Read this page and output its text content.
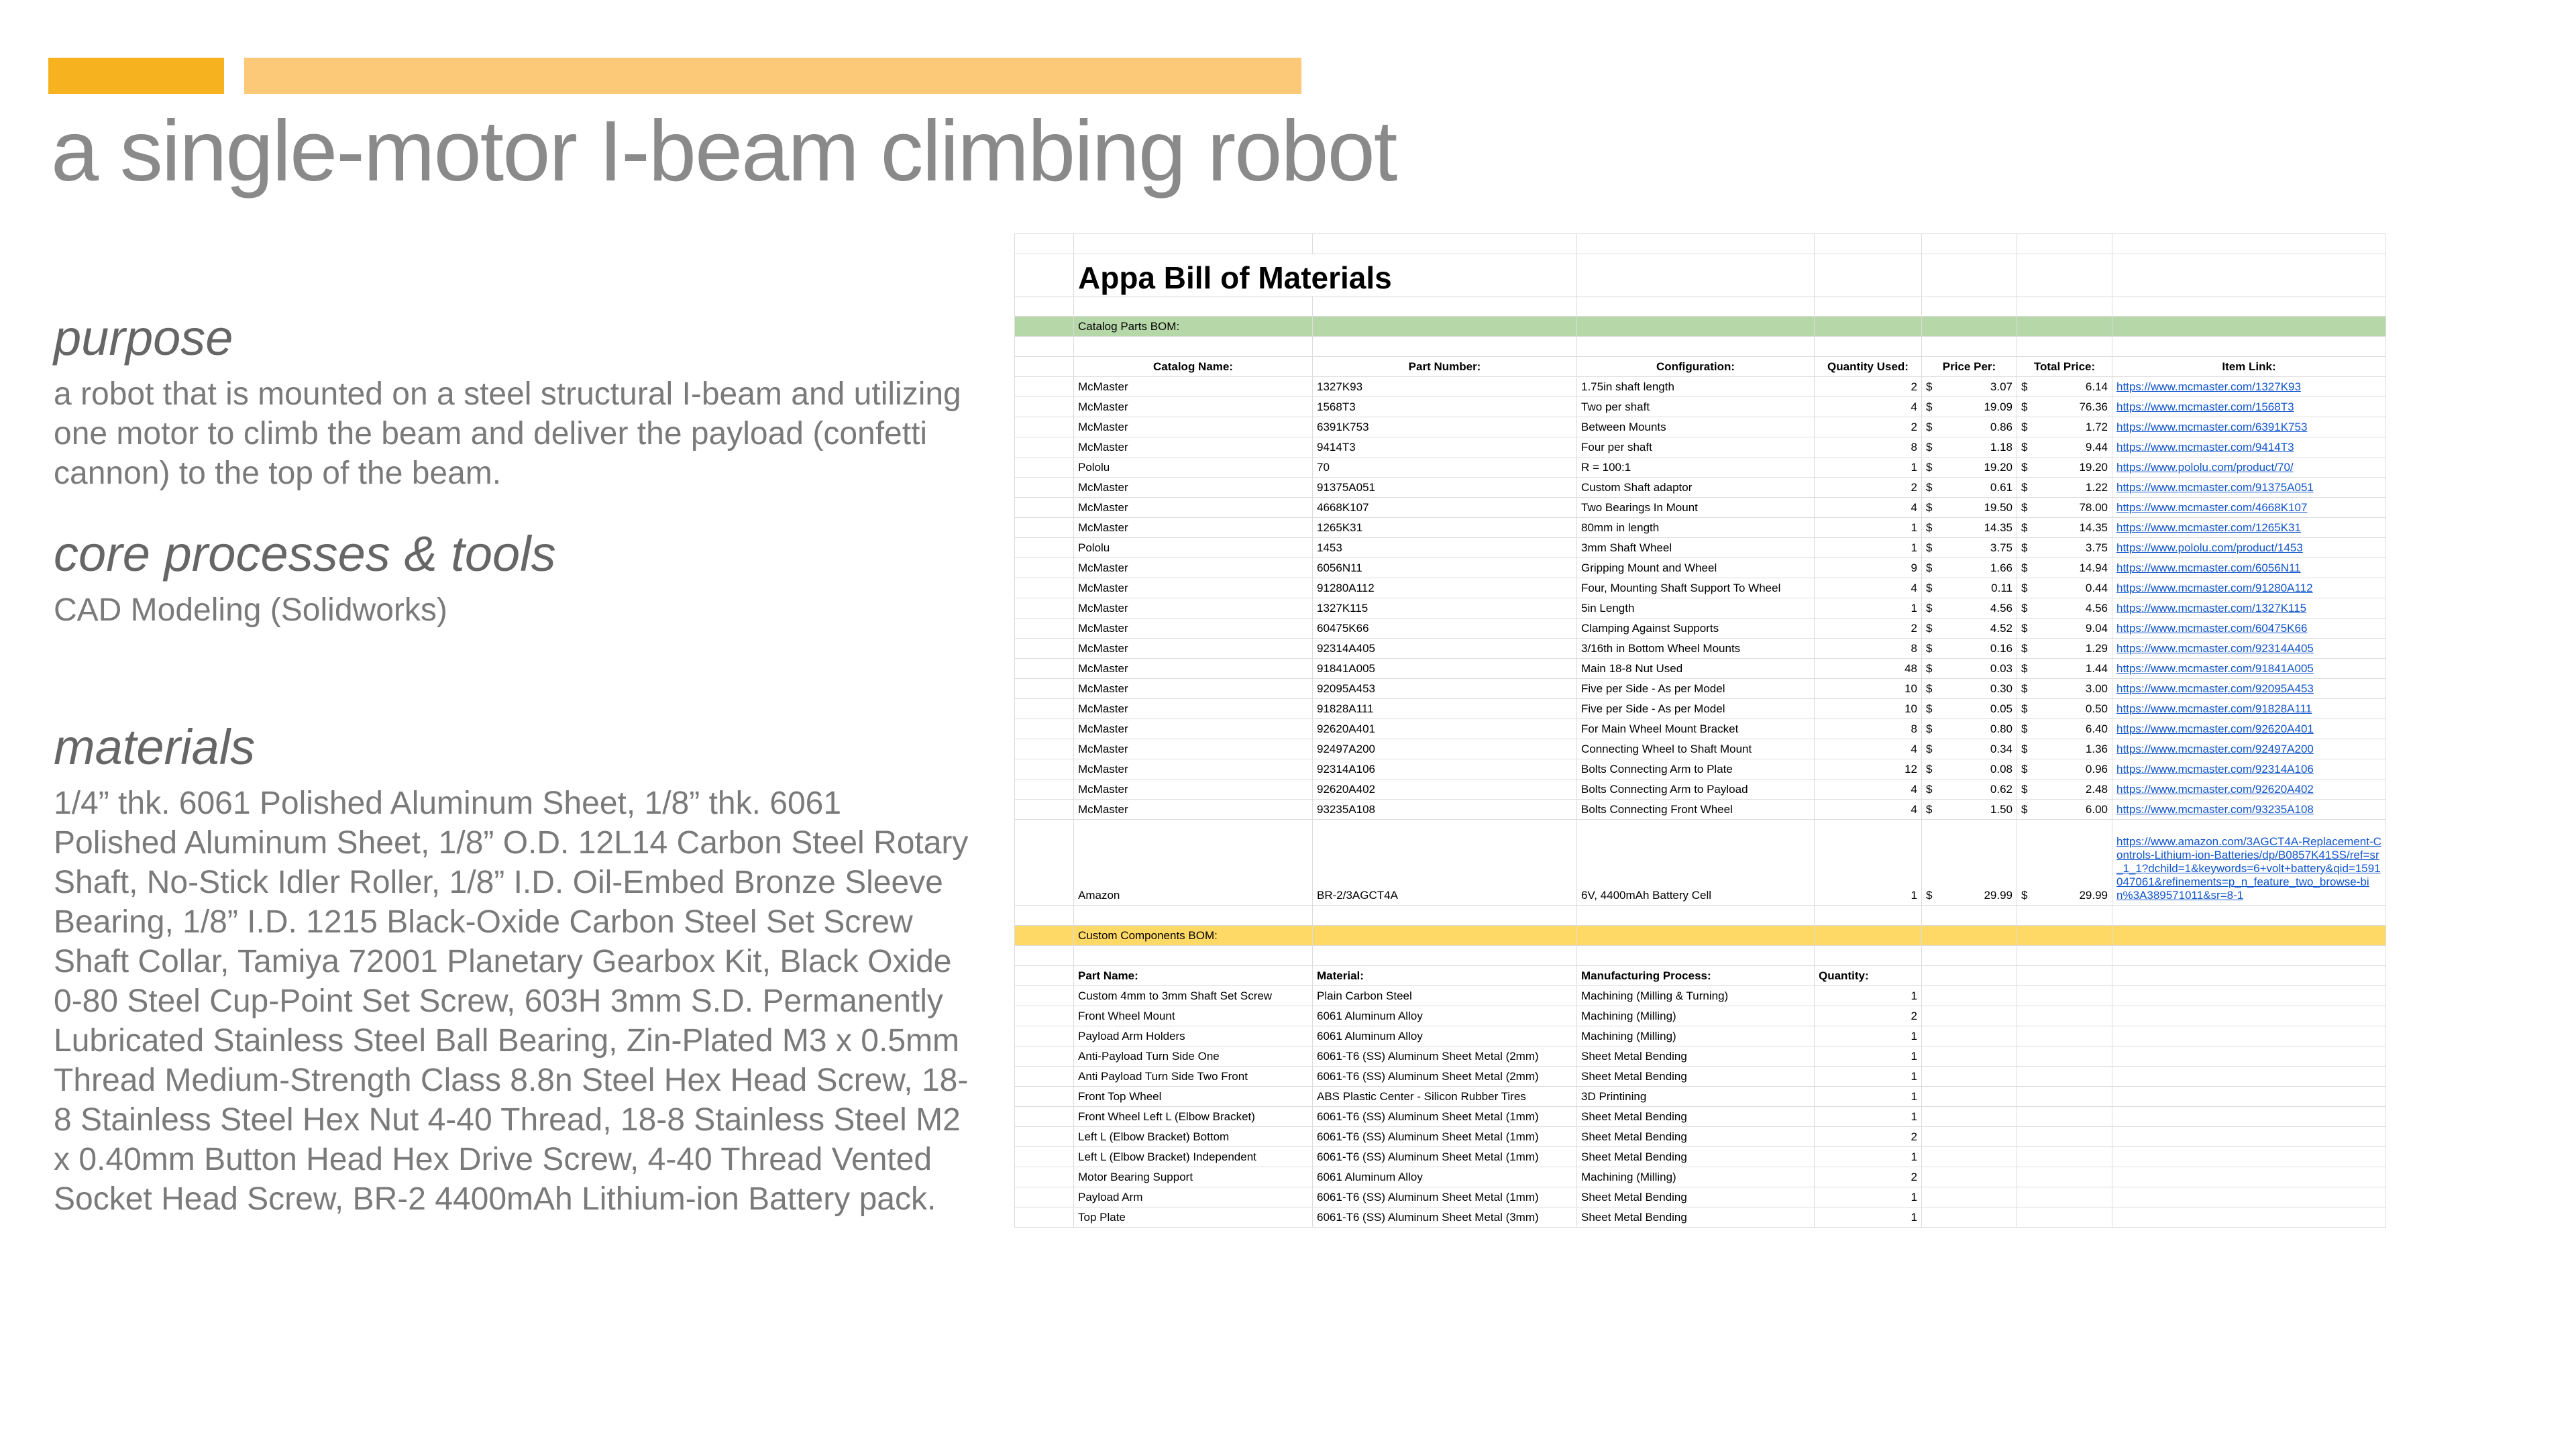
a single-motor I-beam climbing robot
purpose
a robot that is mounted on a steel structural I-beam and utilizing one motor to climb the beam and deliver the payload (confetti cannon) to the top of the beam.
core processes & tools
CAD Modeling (Solidworks)
materials
1/4” thk. 6061 Polished Aluminum Sheet, 1/8” thk. 6061 Polished Aluminum Sheet, 1/8” O.D. 12L14 Carbon Steel Rotary Shaft, No-Stick Idler Roller, 1/8” I.D. Oil-Embed Bronze Sleeve Bearing, 1/8” I.D. 1215 Black-Oxide Carbon Steel Set Screw Shaft Collar, Tamiya 72001 Planetary Gearbox Kit, Black Oxide 0-80 Steel Cup-Point Set Screw, 603H 3mm S.D. Permanently Lubricated Stainless Steel Ball Bearing, Zin-Plated M3 x 0.5mm Thread Medium-Strength Class 8.8n Steel Hex Head Screw, 18-8 Stainless Steel Hex Nut 4-40 Thread, 18-8 Stainless Steel M2 x 0.40mm Button Head Hex Drive Screw, 4-40 Thread Vented Socket Head Screw, BR-2 4400mAh Lithium-ion Battery pack.

	Appa Bill of Materials						

	Catalog Parts BOM:						

	Catalog Name:	Part Number:	Configuration:	Quantity Used:	Price Per:	Total Price:	Item Link:
	McMaster	1327K93	1.75in shaft length	2	$ 3.07	$ 6.14	https://www.mcmaster.com/1327K93
	McMaster	1568T3	Two per shaft	4	$ 19.09	$ 76.36	https://www.mcmaster.com/1568T3
	McMaster	6391K753	Between Mounts	2	$ 0.86	$ 1.72	https://www.mcmaster.com/6391K753
	McMaster	9414T3	Four per shaft	8	$ 1.18	$ 9.44	https://www.mcmaster.com/9414T3
	Pololu	70	R = 100:1	1	$ 19.20	$ 19.20	https://www.pololu.com/product/70/
	McMaster	91375A051	Custom Shaft adaptor	2	$ 0.61	$ 1.22	https://www.mcmaster.com/91375A051
	McMaster	4668K107	Two Bearings In Mount	4	$ 19.50	$ 78.00	https://www.mcmaster.com/4668K107
	McMaster	1265K31	80mm in length	1	$ 14.35	$ 14.35	https://www.mcmaster.com/1265K31
	Pololu	1453	3mm Shaft Wheel	1	$ 3.75	$ 3.75	https://www.pololu.com/product/1453
	McMaster	6056N11	Gripping Mount and Wheel	9	$ 1.66	$ 14.94	https://www.mcmaster.com/6056N11
	McMaster	91280A112	Four, Mounting Shaft Support To Wheel	4	$ 0.11	$ 0.44	https://www.mcmaster.com/91280A112
	McMaster	1327K115	5in Length	1	$ 4.56	$ 4.56	https://www.mcmaster.com/1327K115
	McMaster	60475K66	Clamping Against Supports	2	$ 4.52	$ 9.04	https://www.mcmaster.com/60475K66
	McMaster	92314A405	3/16th in Bottom Wheel Mounts	8	$ 0.16	$ 1.29	https://www.mcmaster.com/92314A405
	McMaster	91841A005	Main 18-8 Nut Used	48	$ 0.03	$ 1.44	https://www.mcmaster.com/91841A005
	McMaster	92095A453	Five per Side - As per Model	10	$ 0.30	$ 3.00	https://www.mcmaster.com/92095A453
	McMaster	91828A111	Five per Side - As per Model	10	$ 0.05	$ 0.50	https://www.mcmaster.com/91828A111
	McMaster	92620A401	For Main Wheel Mount Bracket	8	$ 0.80	$ 6.40	https://www.mcmaster.com/92620A401
	McMaster	92497A200	Connecting Wheel to Shaft Mount	4	$ 0.34	$ 1.36	https://www.mcmaster.com/92497A200
	McMaster	92314A106	Bolts Connecting Arm to Plate	12	$ 0.08	$ 0.96	https://www.mcmaster.com/92314A106
	McMaster	92620A402	Bolts Connecting Arm to Payload	4	$ 0.62	$ 2.48	https://www.mcmaster.com/92620A402
	McMaster	93235A108	Bolts Connecting Front Wheel	4	$ 1.50	$ 6.00	https://www.mcmaster.com/93235A108
	Amazon	BR-2/3AGCT4A	6V, 4400mAh Battery Cell	1	$ 29.99	$ 29.99	https://www.amazon.com/3AGCT4A-Replacement-Controls-Lithium-ion-Batteries/dp/B0857K41SS/ref=sr_1_1?dchild=1&keywords=6+volt+battery&qid=1591047061&refinements=p_n_feature_two_browse-bin%3A389571011&sr=8-1

	Custom Components BOM:						

	Part Name:	Material:	Manufacturing Process:	Quantity:			
	Custom 4mm to 3mm Shaft Set Screw	Plain Carbon Steel	Machining (Milling & Turning)	1			
	Front Wheel Mount	6061 Aluminum Alloy	Machining (Milling)	2			
	Payload Arm Holders	6061 Aluminum Alloy	Machining (Milling)	1			
	Anti-Payload Turn Side One	6061-T6 (SS) Aluminum Sheet Metal (2mm)	Sheet Metal Bending	1			
	Anti Payload Turn Side Two Front	6061-T6 (SS) Aluminum Sheet Metal (2mm)	Sheet Metal Bending	1			
	Front Top Wheel	ABS Plastic Center - Silicon Rubber Tires	3D Printining	1			
	Front Wheel Left L (Elbow Bracket)	6061-T6 (SS) Aluminum Sheet Metal (1mm)	Sheet Metal Bending	1			
	Left L (Elbow Bracket) Bottom	6061-T6 (SS) Aluminum Sheet Metal (1mm)	Sheet Metal Bending	2			
	Left L (Elbow Bracket) Independent	6061-T6 (SS) Aluminum Sheet Metal (1mm)	Sheet Metal Bending	1			
	Motor Bearing Support	6061 Aluminum Alloy	Machining (Milling)	2			
	Payload Arm	6061-T6 (SS) Aluminum Sheet Metal (1mm)	Sheet Metal Bending	1			
	Top Plate	6061-T6 (SS) Aluminum Sheet Metal (3mm)	Sheet Metal Bending	1			
